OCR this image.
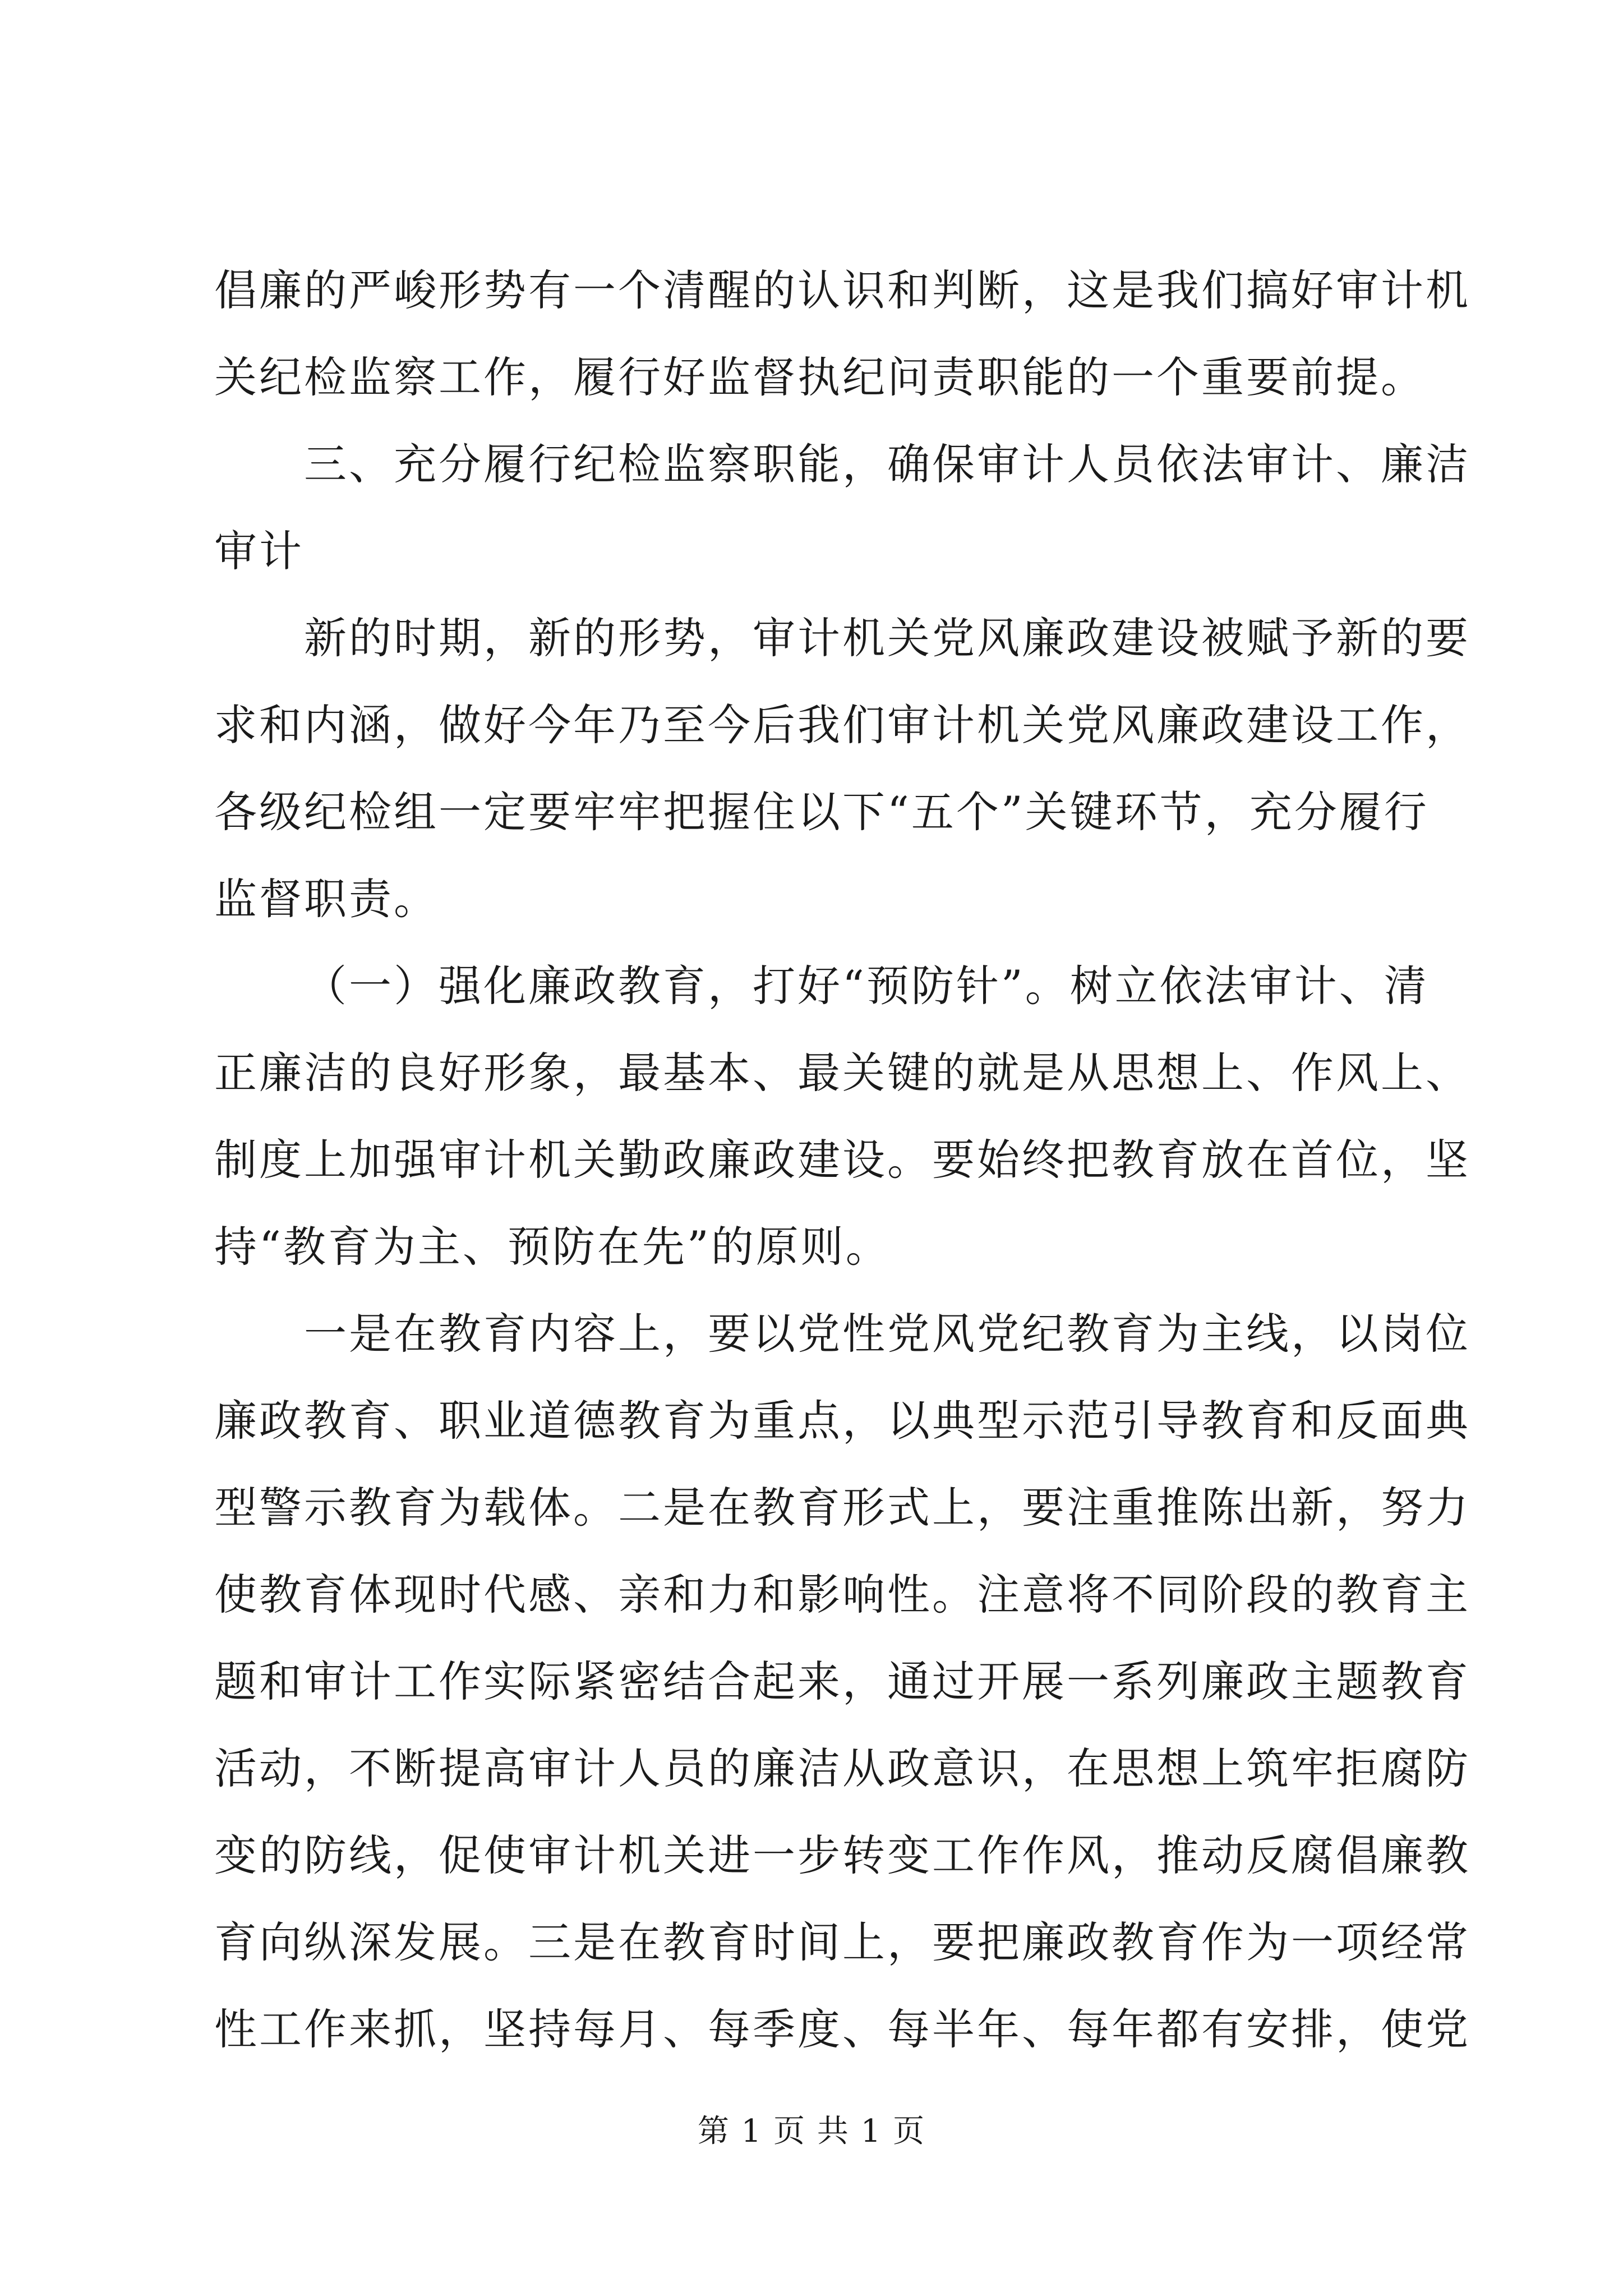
倡廉的严峻形势有一个清醒的认识和判断，这是我们搞好审计机
关纪检监察工作，履行好监督执纪问责职能的一个重要前提。
三、充分履行纪检监察职能，确保审计人员依法审计、廉洁
审计
新的时期，新的形势，审计机关党风廉政建设被赋予新的要
求和内涵，做好今年乃至今后我们审计机关党风廉政建设工作，
各级纪检组一定要牢牢把握住以下“五个”关键环节，充分履行
监督职责。
（一）强化廉政教育，打好“预防针”。树立依法审计、清
正廉洁的良好形象，最基本、最关键的就是从思想上、作风上、
制度上加强审计机关勤政廉政建设。要始终把教育放在首位，坚
持“教育为主、预防在先”的原则。
一是在教育内容上，要以党性党风党纪教育为主线，以岗位
廉政教育、职业道德教育为重点，以典型示范引导教育和反面典
型警示教育为载体。二是在教育形式上，要注重推陈出新，努力
使教育体现时代感、亲和力和影响性。注意将不同阶段的教育主
题和审计工作实际紧密结合起来，通过开展一系列廉政主题教育
活动，不断提高审计人员的廉洁从政意识，在思想上筑牢拒腐防
变的防线，促使审计机关进一步转变工作作风，推动反腐倡廉教
育向纵深发展。三是在教育时间上，要把廉政教育作为一项经常
性工作来抓，坚持每月、每季度、每半年、每年都有安排，使党
第 1 页 共 1 页
